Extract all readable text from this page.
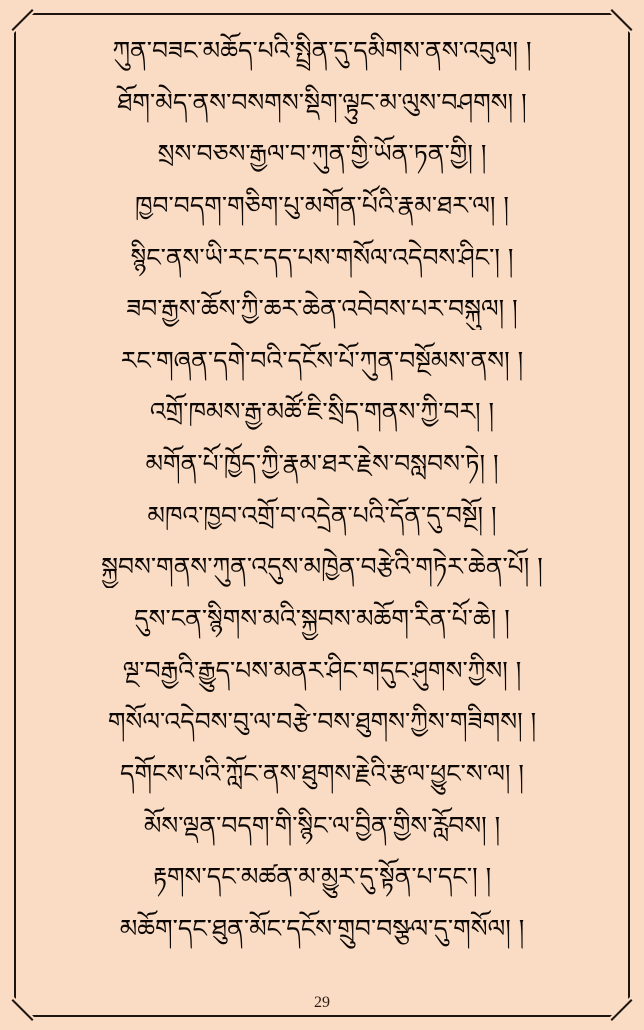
ཀུན་བཟང་མཆོད་པའི་སྤྲིན་དུ་དམིགས་ནས་འབུལ། །
ཐོག་མེད་ནས་བསགས་སྡིག་ལྟུང་མ་ལུས་བཤགས། །
སྲས་བཅས་རྒྱལ་བ་ཀུན་གྱི་ཡོན་ཏན་གྱི། །
ཁྱབ་བདག་གཅིག་པུ་མགོན་པོའི་རྣམ་ཐར་ལ། །
སྙིང་ནས་ཡི་རང་དད་པས་གསོལ་འདེབས་ཤིང་། །
ཟབ་རྒྱས་ཆོས་ཀྱི་ཆར་ཆེན་འབེབས་པར་བསྐུལ། །
རང་གཞན་དགེ་བའི་དངོས་པོ་ཀུན་བསྔོམས་ནས། །
འགྲོ་ཁམས་རྒྱ་མཚོ་ཇི་སྲིད་གནས་ཀྱི་བར། །
མགོན་པོ་ཁྱོད་ཀྱི་རྣམ་ཐར་རྗེས་བསླབས་ཏེ། །
མཁའ་ཁྱབ་འགྲོ་བ་འདྲེན་པའི་དོན་དུ་བསྔོ། །
སྐྱབས་གནས་ཀུན་འདུས་མཁྱེན་བརྩེའི་གཏེར་ཆེན་པོ། །
དུས་ངན་སྙིགས་མའི་སྐྱབས་མཆོག་རིན་པོ་ཆེ། །
ལྔ་བརྒྱའི་རྒྱུད་པས་མནར་ཤིང་གདུང་ཤུགས་ཀྱིས། །
གསོལ་འདེབས་བུ་ལ་བརྩེ་བས་ཐུགས་ཀྱིས་གཟིགས། །
དགོངས་པའི་ཀློང་ནས་ཐུགས་རྗེའི་རྩལ་ཕྱུང་ས་ལ། །
མོས་ལྡན་བདག་གི་སྙིང་ལ་བྱིན་གྱིས་རློབས། །
རྟགས་དང་མཚན་མ་མྱུར་དུ་སྟོན་པ་དང་། །
མཆོག་དང་ཐུན་མོང་དངོས་གྲུབ་བསྩལ་དུ་གསོལ། །
29
